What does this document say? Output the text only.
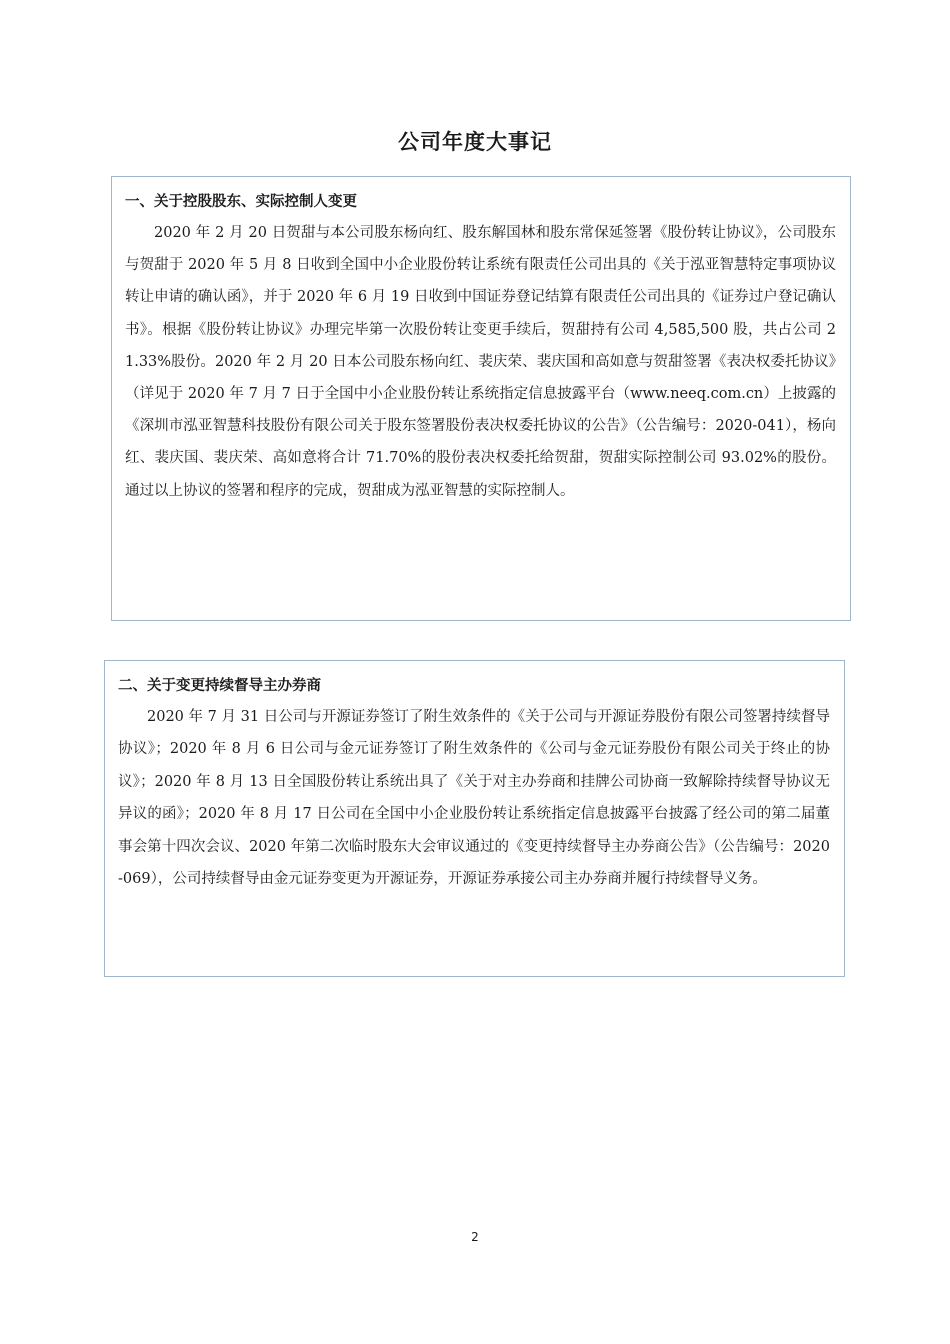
公司年度大事记

一、关于控股股东、实际控制人变更

2020 年 2 月 20 日贺甜与本公司股东杨向红、股东解国林和股东常保延签署《股份转让协议》，公司股东与贺甜于 2020 年 5 月 8 日收到全国中小企业股份转让系统有限责任公司出具的《关于泓亚智慧特定事项协议转让申请的确认函》，并于 2020 年 6 月 19 日收到中国证券登记结算有限责任公司出具的《证券过户登记确认书》。根据《股份转让协议》办理完毕第一次股份转让变更手续后，贺甜持有公司 4,585,500 股，共占公司 21.33%股份。2020 年 2 月 20 日本公司股东杨向红、裴庆荣、裴庆国和高如意与贺甜签署《表决权委托协议》（详见于 2020 年 7 月 7 日于全国中小企业股份转让系统指定信息披露平台（www.neeq.com.cn）上披露的《深圳市泓亚智慧科技股份有限公司关于股东签署股份表决权委托协议的公告》（公告编号：2020-041），杨向红、裴庆国、裴庆荣、高如意将合计 71.70%的股份表决权委托给贺甜，贺甜实际控制公司 93.02%的股份。通过以上协议的签署和程序的完成，贺甜成为泓亚智慧的实际控制人。

二、关于变更持续督导主办券商

2020 年 7 月 31 日公司与开源证券签订了附生效条件的《关于公司与开源证券股份有限公司签署持续督导协议》；2020 年 8 月 6 日公司与金元证券签订了附生效条件的《公司与金元证券股份有限公司关于终止的协议》；2020 年 8 月 13 日全国股份转让系统出具了《关于对主办券商和挂牌公司协商一致解除持续督导协议无异议的函》；2020 年 8 月 17 日公司在全国中小企业股份转让系统指定信息披露平台披露了经公司的第二届董事会第十四次会议、2020 年第二次临时股东大会审议通过的《变更持续督导主办券商公告》（公告编号：2020-069），公司持续督导由金元证券变更为开源证券，开源证券承接公司主办券商并履行持续督导义务。

2
